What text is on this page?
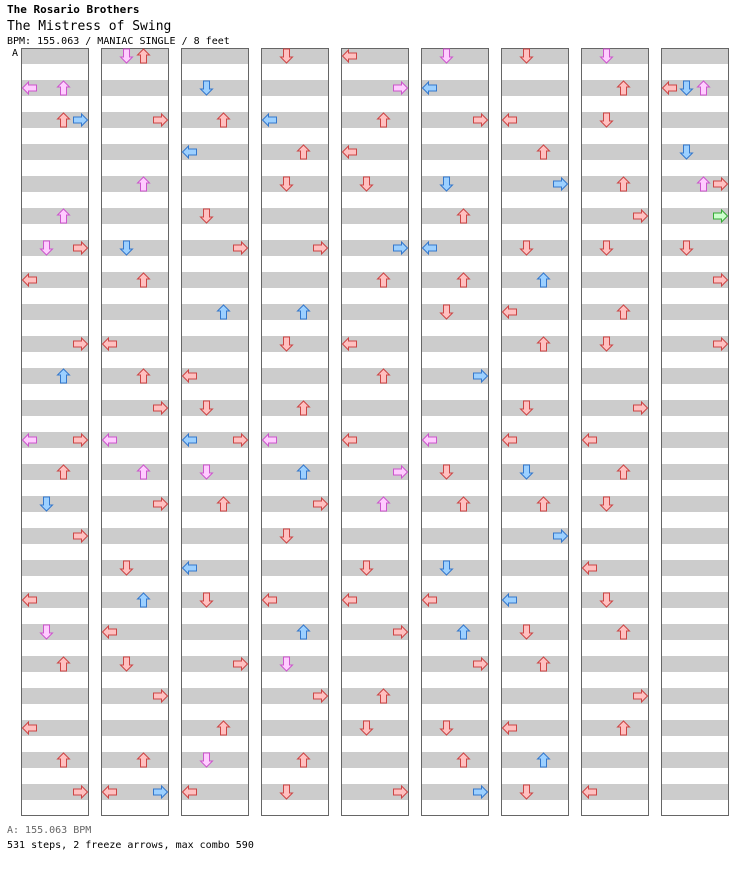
The Rosario Brothers
The Mistress of Swing
BPM: 155.063 / MANIAC SINGLE / 8 feet
A
A: 155.063 BPM
531 steps, 2 freeze arrows, max combo 590
